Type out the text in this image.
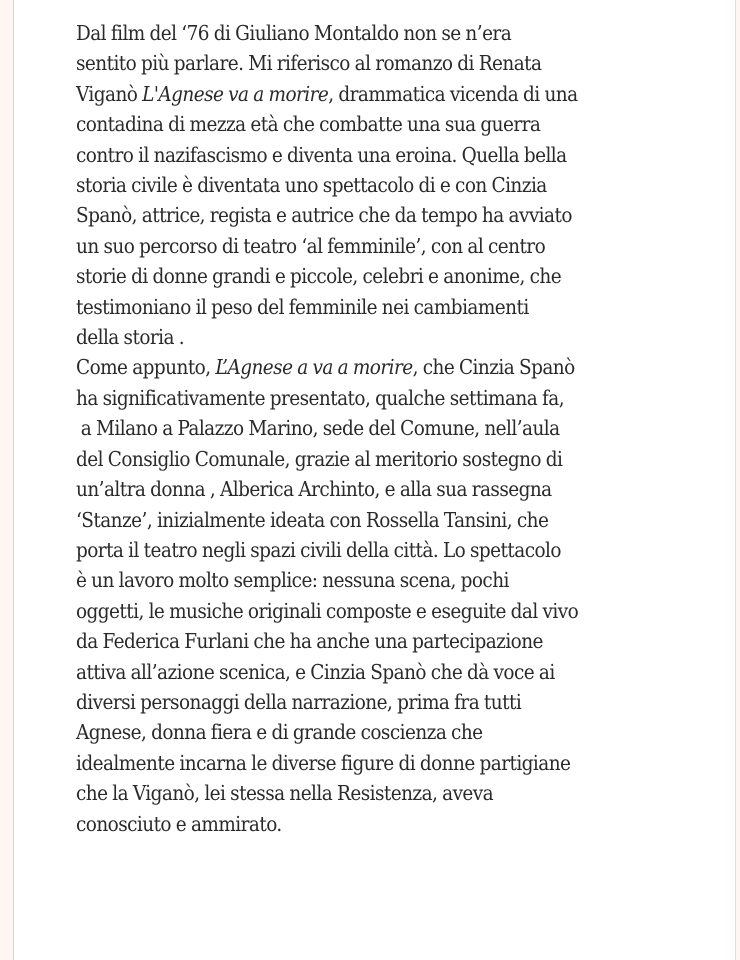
Dal film del ‘76 di Giuliano Montaldo non se n’era
sentito più parlare. Mi riferisco al romanzo di Renata
Viganò L'Agnese va a morire, drammatica vicenda di una
contadina di mezza età che combatte una sua guerra
contro il nazifascismo e diventa una eroina. Quella bella
storia civile è diventata uno spettacolo di e con Cinzia
Spanò, attrice, regista e autrice che da tempo ha avviato
un suo percorso di teatro ‘al femminile’, con al centro
storie di donne grandi e piccole, celebri e anonime, che
testimoniano il peso del femminile nei cambiamenti
della storia .

Come appunto, L’Agnese a va a morire, che Cinzia Spanò
ha significativamente presentato, qualche settimana fa,
a Milano a Palazzo Marino, sede del Comune, nell’aula
del Consiglio Comunale, grazie al meritorio sostegno di
un’altra donna , Alberica Archinto, e alla sua rassegna
‘Stanze’, inizialmente ideata con Rossella Tansini, che
porta il teatro negli spazi civili della città. Lo spettacolo
è un lavoro molto semplice: nessuna scena, pochi
oggetti, le musiche originali composte e eseguite dal vivo
da Federica Furlani che ha anche una partecipazione
attiva all’azione scenica, e Cinzia Spanò che dà voce ai
diversi personaggi della narrazione, prima fra tutti
Agnese, donna fiera e di grande coscienza che
idealmente incarna le diverse figure di donne partigiane
che la Viganò, lei stessa nella Resistenza, aveva
conosciuto e ammirato.
